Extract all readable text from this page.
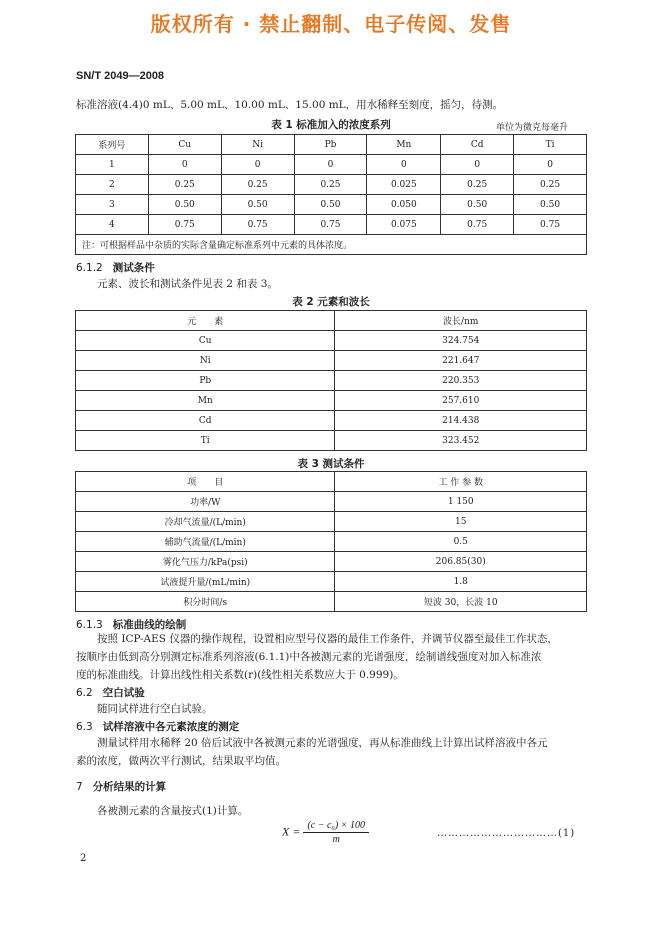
版权所有 · 禁止翻制、电子传阅、发售
SN/T 2049—2008
标准溶液(4.4)0 mL、5.00 mL、10.00 mL、15.00 mL，用水稀释至刻度，摇匀，待测。
表 1 标准加入的浓度系列	单位为微克每毫升
系列号	Cu	Ni	Pb	Mn	Cd	Ti
1	0	0	0	0	0	0
2	0.25	0.25	0.25	0.025	0.25	0.25
3	0.50	0.50	0.50	0.050	0.50	0.50
4	0.75	0.75	0.75	0.075	0.75	0.75
注：可根据样品中杂质的实际含量确定标准系列中元素的具体浓度。						
6.1.2 测试条件
元素、波长和测试条件见表 2 和表 3。
表 2 元素和波长
元　　素	波长/nm
Cu	324.754
Ni	221.647
Pb	220.353
Mn	257.610
Cd	214.438
Ti	323.452
表 3 测试条件
项　　目	工 作 参 数
功率/W	1 150
冷却气流量/(L/min)	15
辅助气流量/(L/min)	0.5
雾化气压力/kPa(psi)	206.85(30)
试液提升量/(mL/min)	1.8
积分时间/s	短波 30，长波 10
6.1.3 标准曲线的绘制
按照 ICP-AES 仪器的操作规程，设置相应型号仪器的最佳工作条件，并调节仪器至最佳工作状态，
按顺序由低到高分别测定标准系列溶液(6.1.1)中各被测元素的光谱强度，绘制谱线强度对加入标准浓
度的标准曲线。计算出线性相关系数(r)(线性相关系数应大于 0.999)。
6.2 空白试验
随同试样进行空白试验。
6.3 试样溶液中各元素浓度的测定
测量试样用水稀释 20 倍后试液中各被测元素的光谱强度，再从标准曲线上计算出试样溶液中各元
素的浓度，做两次平行测试，结果取平均值。
7 分析结果的计算
各被测元素的含量按式(1)计算。
$X = \frac{\text{(c − c₀) × 100}}{m}$	……………………………(1)
2
